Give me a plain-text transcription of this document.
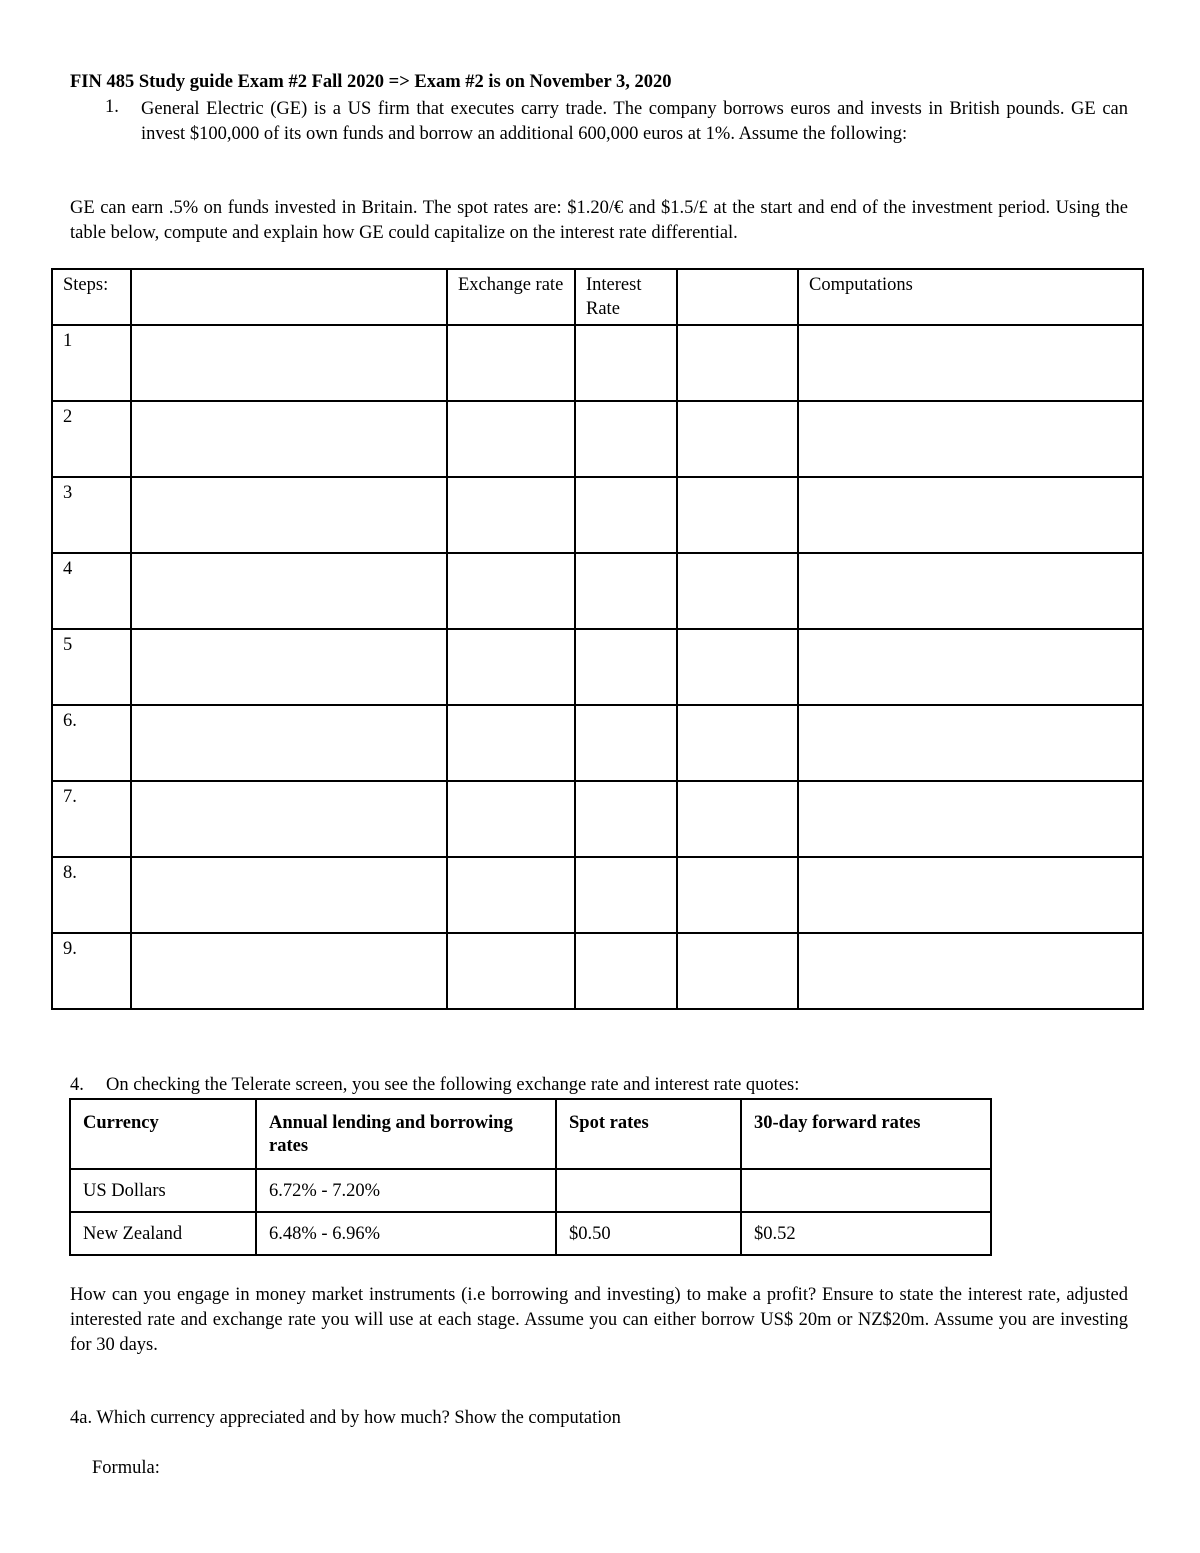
FIN 485 Study guide Exam #2 Fall 2020 => Exam #2 is on November 3, 2020
1. General Electric (GE) is a US firm that executes carry trade. The company borrows euros and invests in British pounds. GE can invest $100,000 of its own funds and borrow an additional 600,000 euros at 1%. Assume the following:
GE can earn .5% on funds invested in Britain. The spot rates are: $1.20/€ and $1.5/£ at the start and end of the investment period. Using the table below, compute and explain how GE could capitalize on the interest rate differential.
Steps:		Exchange rate	Interest Rate		Computations
1					
2					
3					
4					
5					
6.					
7.					
8.					
9.					
4. On checking the Telerate screen, you see the following exchange rate and interest rate quotes:
Currency	Annual lending and borrowing rates	Spot rates	30-day forward rates
US Dollars	6.72% - 7.20%		
New Zealand	6.48% - 6.96%	$0.50	$0.52
How can you engage in money market instruments (i.e borrowing and investing) to make a profit? Ensure to state the interest rate, adjusted interested rate and exchange rate you will use at each stage. Assume you can either borrow US$ 20m or NZ$20m. Assume you are investing for 30 days.
4a. Which currency appreciated and by how much? Show the computation
Formula:
